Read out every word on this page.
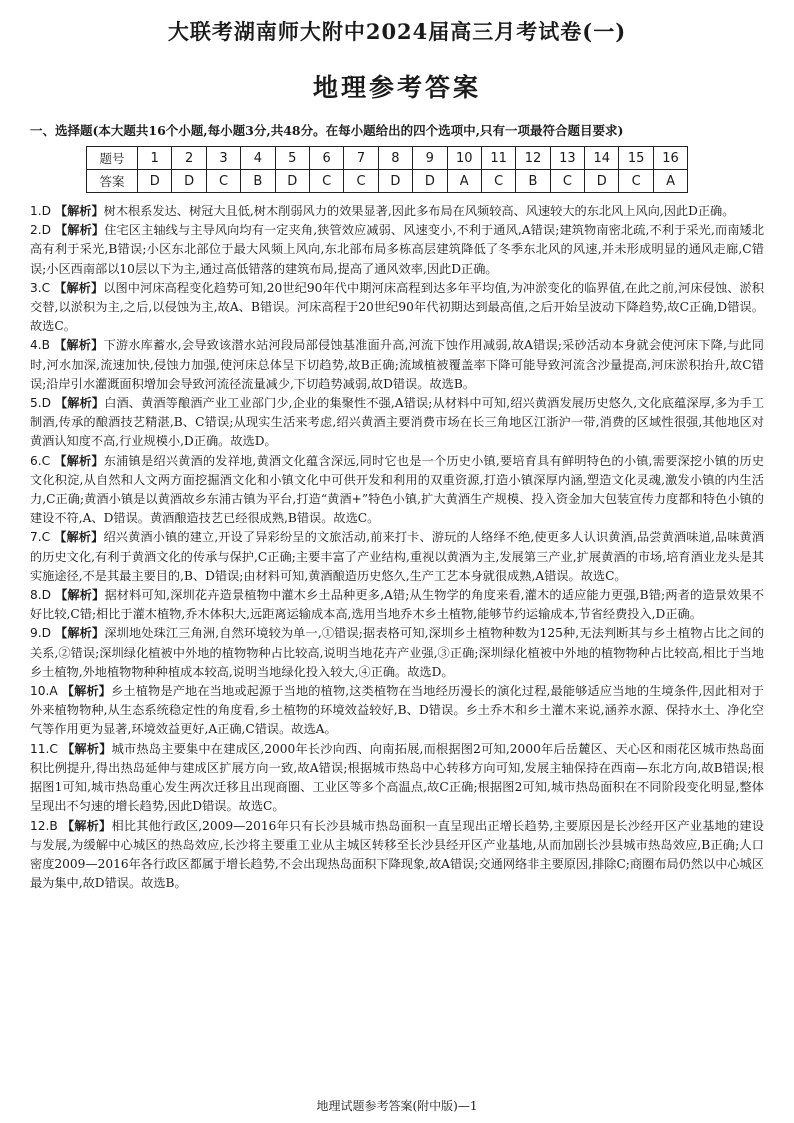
大联考湖南师大附中2024届高三月考试卷(一)
地理参考答案
一、选择题(本大题共16个小题,每小题3分,共48分。在每小题给出的四个选项中,只有一项最符合题目要求)
题号	1	2	3	4	5	6	7	8	9	10	11	12	13	14	15	16
答案	D	D	C	B	D	C	C	D	D	A	C	B	C	D	C	A
1.D 【解析】树木根系发达、树冠大且低,树木削弱风力的效果显著,因此多布局在风频较高、风速较大的东北风上风向,因此D正确。
2.D 【解析】住宅区主轴线与主导风向均有一定夹角,狭管效应减弱、风速变小,不利于通风,A错误;建筑物南密北疏,不利于采光,而南矮北高有利于采光,B错误;小区东北部位于最大风频上风向,东北部布局多栋高层建筑降低了冬季东北风的风速,并未形成明显的通风走廊,C错误;小区西南部以10层以下为主,通过高低错落的建筑布局,提高了通风效率,因此D正确。
3.C 【解析】以图中河床高程变化趋势可知,20世纪90年代中期河床高程到达多年平均值,为冲淤变化的临界值,在此之前,河床侵蚀、淤积交替,以淤积为主,之后,以侵蚀为主,故A、B错误。河床高程于20世纪90年代初期达到最高值,之后开始呈波动下降趋势,故C正确,D错误。故选C。
4.B 【解析】下游水库蓄水,会导致该潜水站河段局部侵蚀基准面升高,河流下蚀作用减弱,故A错误;采砂活动本身就会使河床下降,与此同时,河水加深,流速加快,侵蚀力加强,使河床总体呈下切趋势,故B正确;流域植被覆盖率下降可能导致河流含沙量提高,河床淤积抬升,故C错误;沿岸引水灌溉面积增加会导致河流径流量减少,下切趋势减弱,故D错误。故选B。
5.D 【解析】白酒、黄酒等酿酒产业工业部门少,企业的集聚性不强,A错误;从材料中可知,绍兴黄酒发展历史悠久,文化底蕴深厚,多为手工制酒,传承的酿酒技艺精湛,B、C错误;从现实生活来考虑,绍兴黄酒主要消费市场在长三角地区江浙沪一带,消费的区域性很强,其他地区对黄酒认知度不高,行业规模小,D正确。故选D。
6.C 【解析】东浦镇是绍兴黄酒的发祥地,黄酒文化蕴含深远,同时它也是一个历史小镇,要培育具有鲜明特色的小镇,需要深挖小镇的历史文化积淀,从自然和人文两方面挖掘酒文化和小镇文化中可供开发和利用的双重资源,打造小镇深厚内涵,塑造文化灵魂,激发小镇的内生活力,C正确;黄酒小镇是以黄酒故乡东浦古镇为平台,打造“黄酒+”特色小镇,扩大黄酒生产规模、投入资金加大包装宣传力度都和特色小镇的建设不符,A、D错误。黄酒酿造技艺已经很成熟,B错误。故选C。
7.C 【解析】绍兴黄酒小镇的建立,开设了异彩纷呈的文旅活动,前来打卡、游玩的人络绎不绝,使更多人认识黄酒,品尝黄酒味道,品味黄酒的历史文化,有利于黄酒文化的传承与保护,C正确;主要丰富了产业结构,重视以黄酒为主,发展第三产业,扩展黄酒的市场,培育酒业龙头是其实施途径,不是其最主要目的,B、D错误;由材料可知,黄酒酿造历史悠久,生产工艺本身就很成熟,A错误。故选C。
8.D 【解析】据材料可知,深圳花卉造景植物中灌木乡土品种更多,A错;从生物学的角度来看,灌木的适应能力更强,B错;两者的造景效果不好比较,C错;相比于灌木植物,乔木体积大,远距离运输成本高,选用当地乔木乡土植物,能够节约运输成本,节省经费投入,D正确。
9.D 【解析】深圳地处珠江三角洲,自然环境较为单一,①错误;据表格可知,深圳乡土植物种数为125种,无法判断其与乡土植物占比之间的关系,②错误;深圳绿化植被中外地的植物物种占比较高,说明当地花卉产业强,③正确;深圳绿化植被中外地的植物物种占比较高,相比于当地乡土植物,外地植物物种种植成本较高,说明当地绿化投入较大,④正确。故选D。
10.A 【解析】乡土植物是产地在当地或起源于当地的植物,这类植物在当地经历漫长的演化过程,最能够适应当地的生境条件,因此相对于外来植物物种,从生态系统稳定性的角度看,乡土植物的环境效益较好,B、D错误。乡土乔木和乡土灌木来说,涵养水源、保持水土、净化空气等作用更为显著,环境效益更好,A正确,C错误。故选A。
11.C 【解析】城市热岛主要集中在建成区,2000年长沙向西、向南拓展,而根据图2可知,2000年后岳麓区、天心区和雨花区城市热岛面积比例提升,得出热岛延伸与建成区扩展方向一致,故A错误;根据城市热岛中心转移方向可知,发展主轴保持在西南—东北方向,故B错误;根据图1可知,城市热岛重心发生两次迁移且出现商圈、工业区等多个高温点,故C正确;根据图2可知,城市热岛面积在不同阶段变化明显,整体呈现出不匀速的增长趋势,因此D错误。故选C。
12.B 【解析】相比其他行政区,2009—2016年只有长沙县城市热岛面积一直呈现出正增长趋势,主要原因是长沙经开区产业基地的建设与发展,为缓解中心城区的热岛效应,长沙将主要重工业从主城区转移至长沙县经开区产业基地,从而加剧长沙县城市热岛效应,B正确;人口密度2009—2016年各行政区都属于增长趋势,不会出现热岛面积下降现象,故A错误;交通网络非主要原因,排除C;商圈布局仍然以中心城区最为集中,故D错误。故选B。
地理试题参考答案(附中版)—1
